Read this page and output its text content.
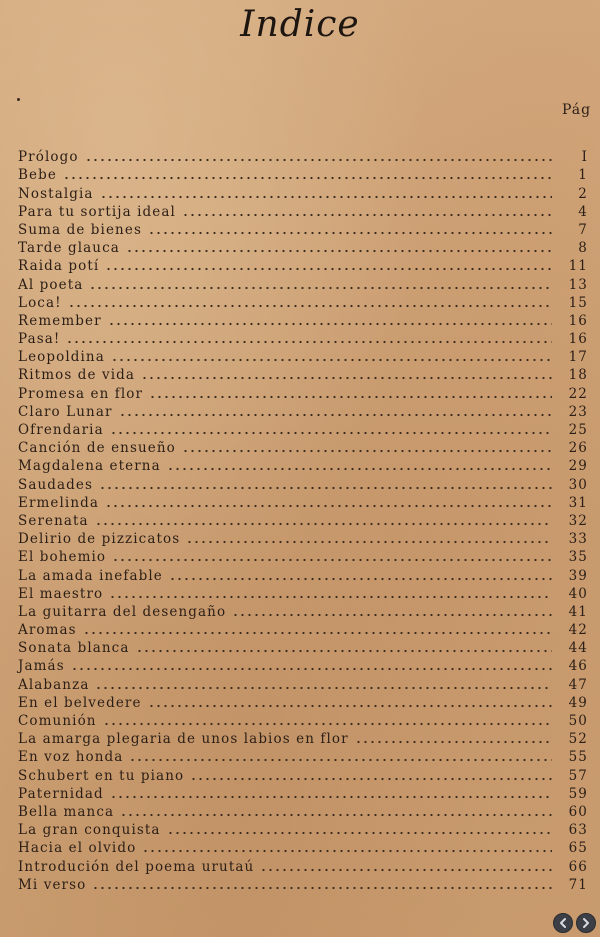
Indice
Pág
Prólogo	I
Bebe	1
Nostalgia	2
Para tu sortija ideal	4
Suma de bienes	7
Tarde glauca	8
Raida potí	11
Al poeta	13
Loca!	15
Remember	16
Pasa!	16
Leopoldina	17
Ritmos de vida	18
Promesa en flor	22
Claro Lunar	23
Ofrendaria	25
Canción de ensueño	26
Magdalena eterna	29
Saudades	30
Ermelinda	31
Serenata	32
Delirio de pizzicatos	33
El bohemio	35
La amada inefable	39
El maestro	40
La guitarra del desengaño	41
Aromas	42
Sonata blanca	44
Jamás	46
Alabanza	47
En el belvedere	49
Comunión	50
La amarga plegaria de unos labios en flor	52
En voz honda	55
Schubert en tu piano	57
Paternidad	59
Bella manca	60
La gran conquista	63
Hacia el olvido	65
Introdución del poema urutaú	66
Mi verso	71
